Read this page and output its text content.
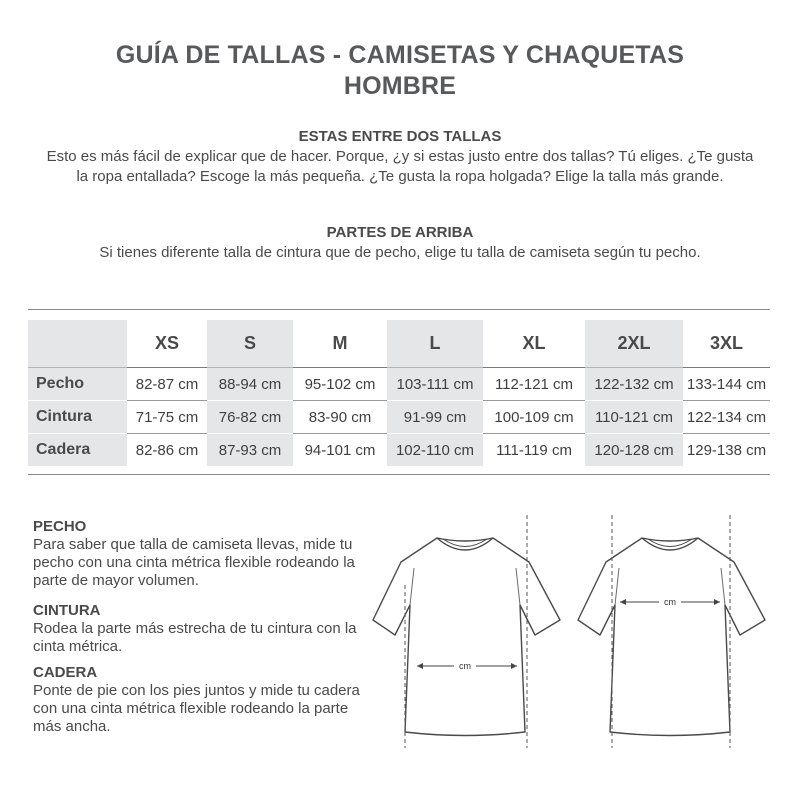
GUÍA DE TALLAS - CAMISETAS Y CHAQUETAS
HOMBRE
ESTAS ENTRE DOS TALLAS
Esto es más fácil de explicar que de hacer. Porque, ¿y si estas justo entre dos tallas? Tú eliges. ¿Te gusta la ropa entallada? Escoge la más pequeña. ¿Te gusta la ropa holgada? Elige la talla más grande.
PARTES DE ARRIBA
Si tienes diferente talla de cintura que de pecho, elige tu talla de camiseta según tu pecho.
	XS	S	M	L	XL	2XL	3XL
Pecho	82-87 cm	88-94 cm	95-102 cm	103-111 cm	112-121 cm	122-132 cm	133-144 cm
Cintura	71-75 cm	76-82 cm	83-90 cm	91-99 cm	100-109 cm	110-121 cm	122-134 cm
Cadera	82-86 cm	87-93 cm	94-101 cm	102-110 cm	111-119 cm	120-128 cm	129-138 cm
PECHO
Para saber que talla de camiseta llevas, mide tu pecho con una cinta métrica flexible rodeando la parte de mayor volumen.
CINTURA
Rodea la parte más estrecha de tu cintura con la cinta métrica.
CADERA
Ponte de pie con los pies juntos y mide tu cadera con una cinta métrica flexible rodeando la parte más ancha.
cm
cm
